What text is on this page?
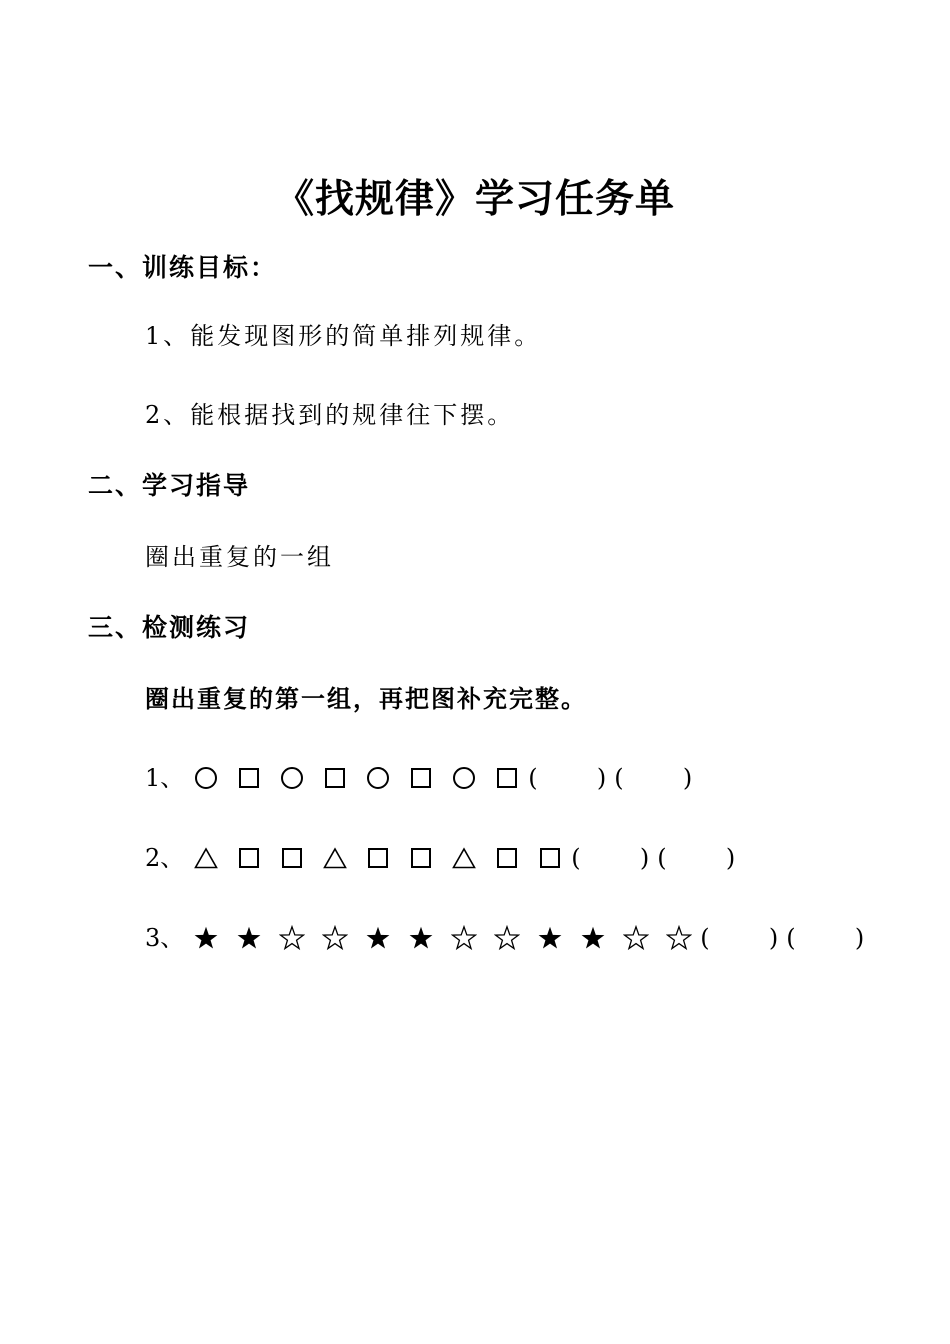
《找规律》学习任务单
一、训练目标：
1、能发现图形的简单排列规律。
2、能根据找到的规律往下摆。
二、学习指导
圈出重复的一组
三、检测练习
圈出重复的第一组，再把图补充完整。
1、	( ) ( )
2、	( ) ( )
3、	( ) ( )
